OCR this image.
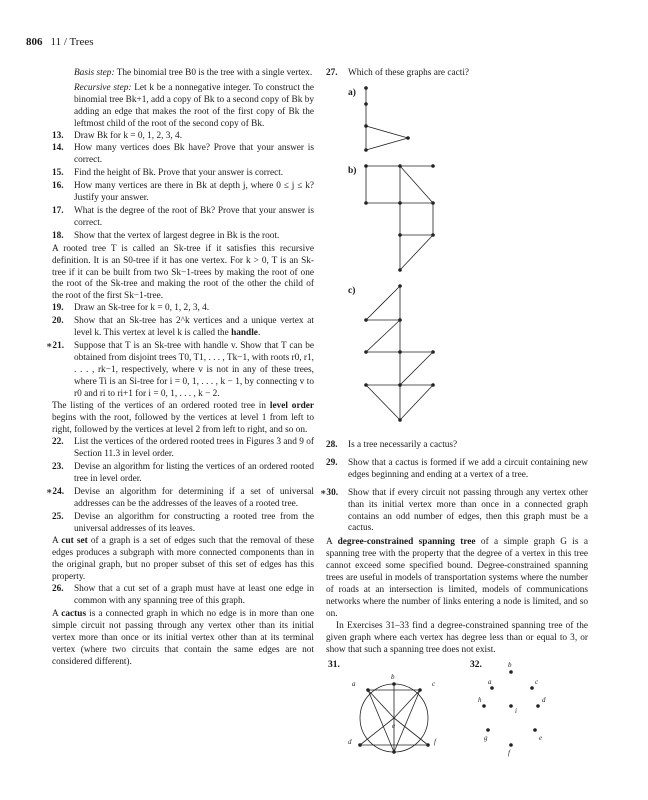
806 11 / Trees

Basis step: The binomial tree B0 is the tree with a single vertex.

Recursive step: Let k be a nonnegative integer. To construct the binomial tree Bk+1, add a copy of Bk to a second copy of Bk by adding an edge that makes the root of the first copy of Bk the leftmost child of the root of the second copy of Bk.

13. Draw Bk for k = 0, 1, 2, 3, 4.
14. How many vertices does Bk have? Prove that your answer is correct.
15. Find the height of Bk. Prove that your answer is correct.
16. How many vertices are there in Bk at depth j, where 0 ≤ j ≤ k? Justify your answer.
17. What is the degree of the root of Bk? Prove that your answer is correct.
18. Show that the vertex of largest degree in Bk is the root.

A rooted tree T is called an Sk-tree if it satisfies this recursive definition. It is an S0-tree if it has one vertex. For k > 0, T is an Sk-tree if it can be built from two Sk−1-trees by making the root of one the root of the Sk-tree and making the root of the other the child of the root of the first Sk−1-tree.

19. Draw an Sk-tree for k = 0, 1, 2, 3, 4.
20. Show that an Sk-tree has 2^k vertices and a unique vertex at level k. This vertex at level k is called the handle.
∗21. Suppose that T is an Sk-tree with handle v. Show that T can be obtained from disjoint trees T0, T1, . . . , Tk−1, with roots r0, r1, . . . , rk−1, respectively, where v is not in any of these trees, where Ti is an Si-tree for i = 0, 1, . . . , k − 1, by connecting v to r0 and ri to ri+1 for i = 0, 1, . . . , k − 2.

The listing of the vertices of an ordered rooted tree in level order begins with the root, followed by the vertices at level 1 from left to right, followed by the vertices at level 2 from left to right, and so on.

22. List the vertices of the ordered rooted trees in Figures 3 and 9 of Section 11.3 in level order.
23. Devise an algorithm for listing the vertices of an ordered rooted tree in level order.
∗24. Devise an algorithm for determining if a set of universal addresses can be the addresses of the leaves of a rooted tree.
25. Devise an algorithm for constructing a rooted tree from the universal addresses of its leaves.

A cut set of a graph is a set of edges such that the removal of these edges produces a subgraph with more connected components than in the original graph, but no proper subset of this set of edges has this property.

26. Show that a cut set of a graph must have at least one edge in common with any spanning tree of this graph.

A cactus is a connected graph in which no edge is in more than one simple circuit not passing through any vertex other than its initial vertex more than once or its initial vertex other than at its terminal vertex (where two circuits that contain the same edges are not considered different).

27. Which of these graphs are cacti?
a)
b)
c)
28. Is a tree necessarily a cactus?
29. Show that a cactus is formed if we add a circuit containing new edges beginning and ending at a vertex of a tree.
∗30. Show that if every circuit not passing through any vertex other than its initial vertex more than once in a connected graph contains an odd number of edges, then this graph must be a cactus.

A degree-constrained spanning tree of a simple graph G is a spanning tree with the property that the degree of a vertex in this tree cannot exceed some specified bound. Degree-constrained spanning trees are useful in models of transportation systems where the number of roads at an intersection is limited, models of communications networks where the number of links entering a node is limited, and so on.

In Exercises 31–33 find a degree-constrained spanning tree of the given graph where each vertex has degree less than or equal to 3, or show that such a spanning tree does not exist.

31.
a
b
c
d
e
f
32.	b
a	c
h
i
d
g	e
f
